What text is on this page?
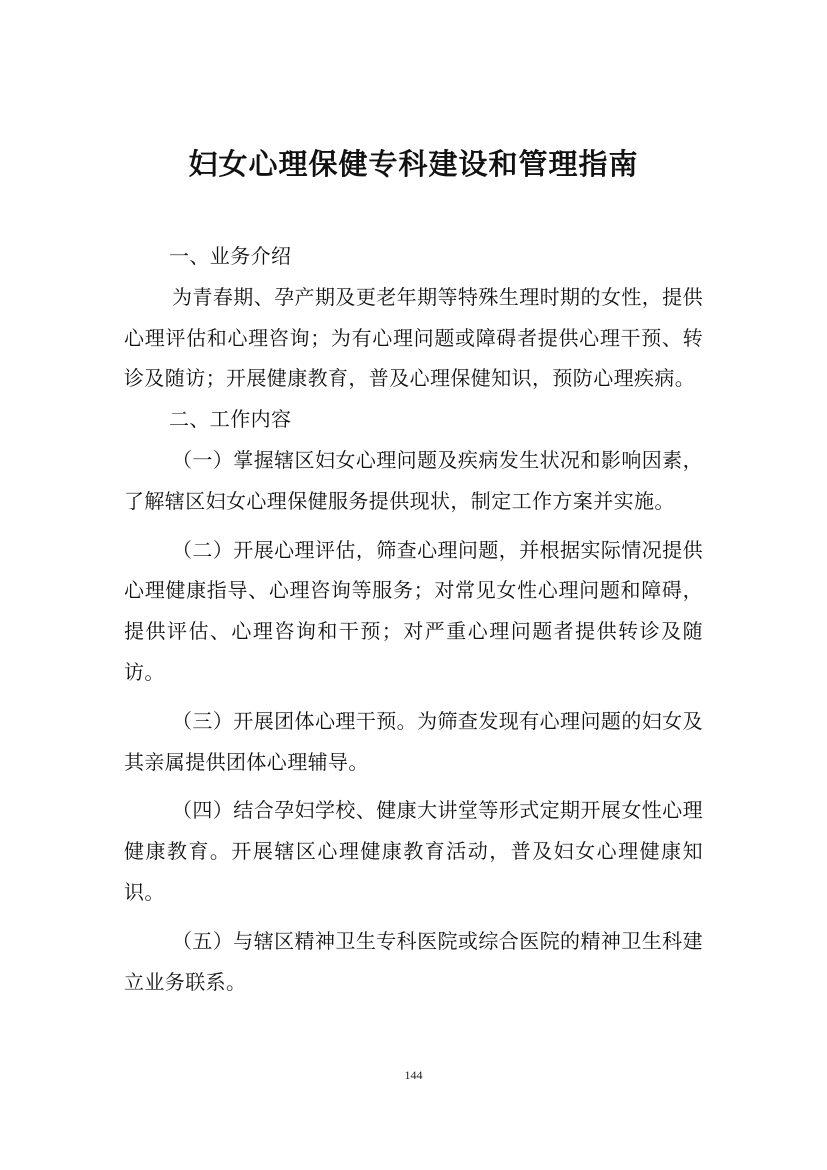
妇女心理保健专科建设和管理指南

一、业务介绍

为青春期、孕产期及更老年期等特殊生理时期的女性，提供心理评估和心理咨询；为有心理问题或障碍者提供心理干预、转诊及随访；开展健康教育，普及心理保健知识，预防心理疾病。

二、工作内容

（一）掌握辖区妇女心理问题及疾病发生状况和影响因素，了解辖区妇女心理保健服务提供现状，制定工作方案并实施。

（二）开展心理评估，筛查心理问题，并根据实际情况提供心理健康指导、心理咨询等服务；对常见女性心理问题和障碍，提供评估、心理咨询和干预；对严重心理问题者提供转诊及随访。

（三）开展团体心理干预。为筛查发现有心理问题的妇女及其亲属提供团体心理辅导。

（四）结合孕妇学校、健康大讲堂等形式定期开展女性心理健康教育。开展辖区心理健康教育活动，普及妇女心理健康知识。

（五）与辖区精神卫生专科医院或综合医院的精神卫生科建立业务联系。

144
